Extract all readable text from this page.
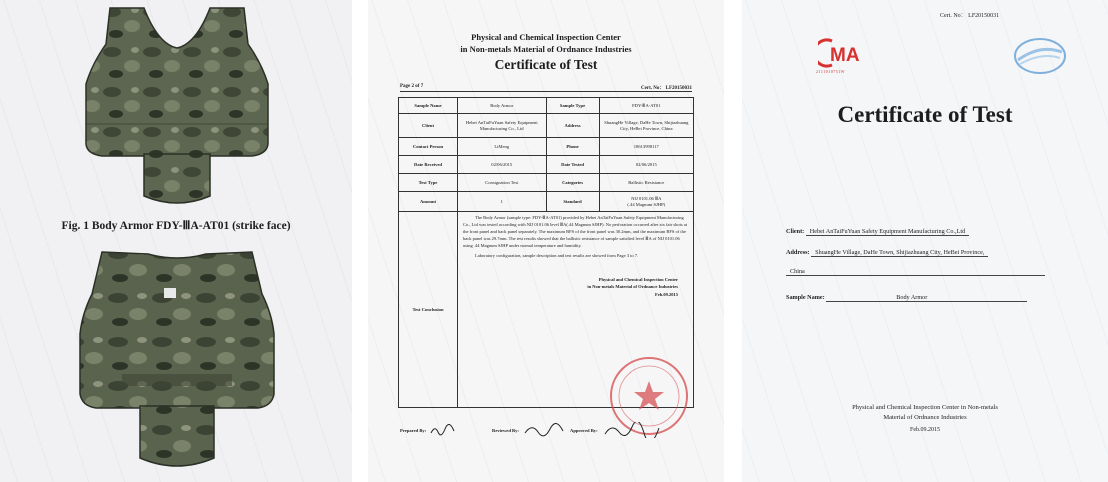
Fig. 1 Body Armor FDY-ⅢA-AT01 (strike face)
Physical and Chemical Inspection Center
in Non-metals Material of Ordnance Industries
Certificate of Test
Page 2 of 7	Cert. No： LF20150031
Sample Name	Body Armor	Sample Type	FDY-ⅢA-AT01
Client	Hebei AnTaiFuYuan Safety Equipment Manufacturing Co., Ltd	Address	ShuangHe Village, DaHe Town, Shijiazhuang City, HeBei Province, China
Contact Person	LiMeng	Phone	18613998117
Date Received	02/06/2015	Date Tested	02/06/2015
Test Type	Consignation Test	Categories	Ballistic Resistance
Amount	1	Standard	NIJ 0101.06 ⅢA
(.44 Magnum SJHP)

Test Conclusion	The Body Armor (sample type: FDY-ⅢA-AT01) provided by Hebei AnTaiFuYuan Safety Equipment Manufacturing Co., Ltd was tested according with NIJ 0101.06 level ⅢA(.44 Magnum SJHP). No perforation occurred after six fair shots at the front panel and back panel separately. The maximum BFS of the front panel was 30.2mm, and the maximum BFS of the back panel was 29.7mm. The test results showed that the ballistic resistance of sample satisfied level ⅢA of NIJ 0101.06 using .44 Magnum SJHP under normal temperature and humidity.

Laboratory configuration, sample description and test results are showed from Page 3 to 7.

Physical and Chemical Inspection Center
in Non-metals Material of Ordnance Industries
Feb.09.2015		
Prepared By:	Reviewed By:	Approved By:
Cert. No： LF20150031
MA
2111010751W
Certificate of Test
Client: Hebei AnTaiFuYuan Safety Equipment Manufacturing Co.,Ltd
Address: ShuangHe Village, DaHe Town, Shijiazhuang City, HeBei Province,
China
Sample Name:	Body Armor
Physical and Chemical Inspection Center in Non-metals
Material of Ordnance Industries
Feb.09.2015
